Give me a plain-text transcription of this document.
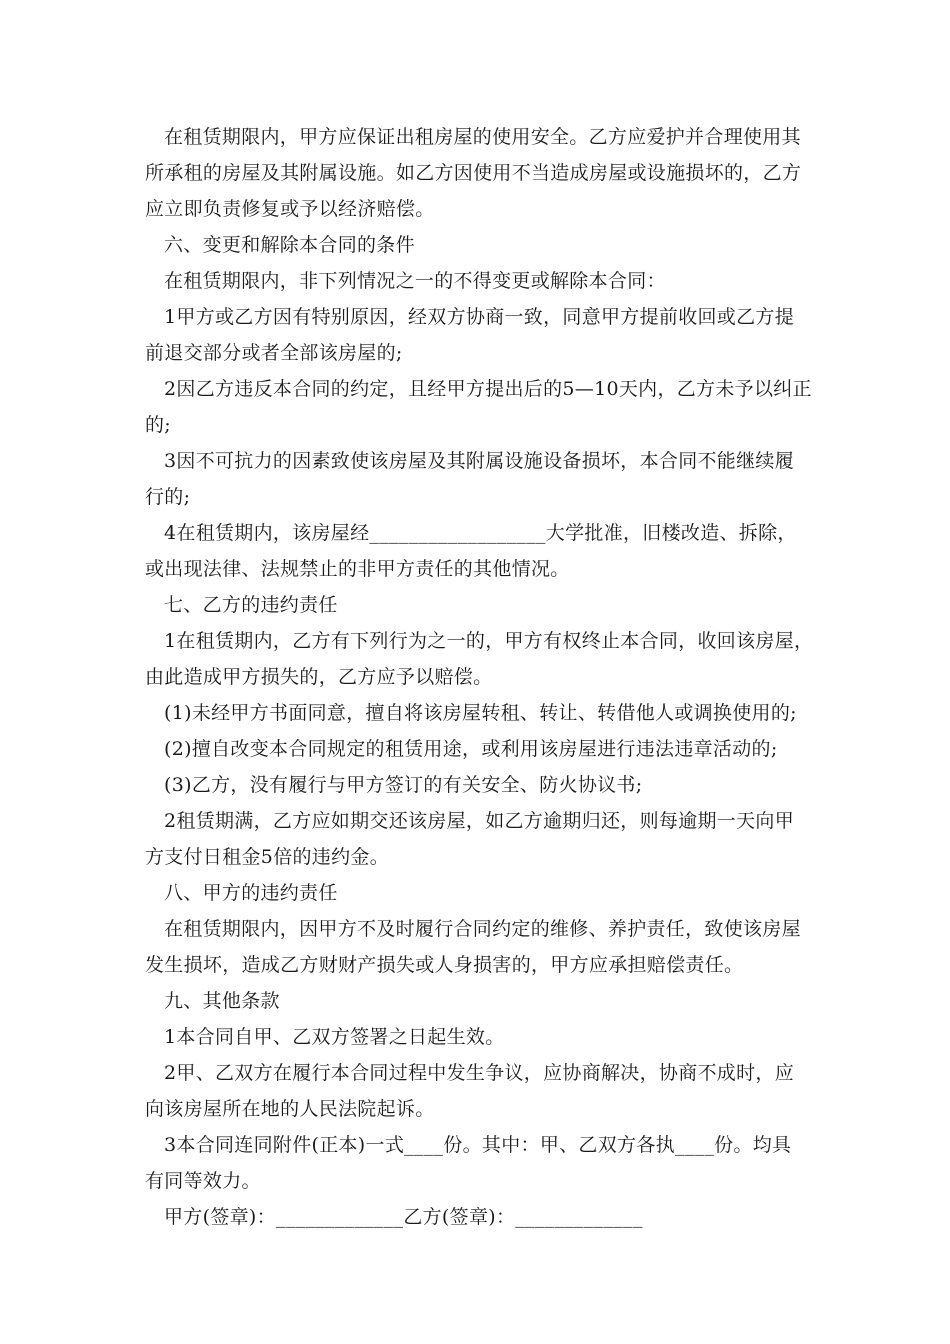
在租赁期限内，甲方应保证出租房屋的使用安全。乙方应爱护并合理使用其
所承租的房屋及其附属设施。如乙方因使用不当造成房屋或设施损坏的，乙方
应立即负责修复或予以经济赔偿。
六、变更和解除本合同的条件
在租赁期限内，非下列情况之一的不得变更或解除本合同：
1甲方或乙方因有特别原因，经双方协商一致，同意甲方提前收回或乙方提
前退交部分或者全部该房屋的;
2因乙方违反本合同的约定，且经甲方提出后的5—10天内，乙方未予以纠正
的;
3因不可抗力的因素致使该房屋及其附属设施设备损坏，本合同不能继续履
行的;
4在租赁期内，该房屋经__________________大学批准，旧楼改造、拆除，
或出现法律、法规禁止的非甲方责任的其他情况。
七、乙方的违约责任
1在租赁期内，乙方有下列行为之一的，甲方有权终止本合同，收回该房屋，
由此造成甲方损失的，乙方应予以赔偿。
(1)未经甲方书面同意，擅自将该房屋转租、转让、转借他人或调换使用的;
(2)擅自改变本合同规定的租赁用途，或利用该房屋进行违法违章活动的;
(3)乙方，没有履行与甲方签订的有关安全、防火协议书;
2租赁期满，乙方应如期交还该房屋，如乙方逾期归还，则每逾期一天向甲
方支付日租金5倍的违约金。
八、甲方的违约责任
在租赁期限内，因甲方不及时履行合同约定的维修、养护责任，致使该房屋
发生损坏，造成乙方财财产损失或人身损害的，甲方应承担赔偿责任。
九、其他条款
1本合同自甲、乙双方签署之日起生效。
2甲、乙双方在履行本合同过程中发生争议，应协商解决，协商不成时，应
向该房屋所在地的人民法院起诉。
3本合同连同附件(正本)一式____份。其中：甲、乙双方各执____份。均具
有同等效力。
甲方(签章)：_____________乙方(签章)：_____________
